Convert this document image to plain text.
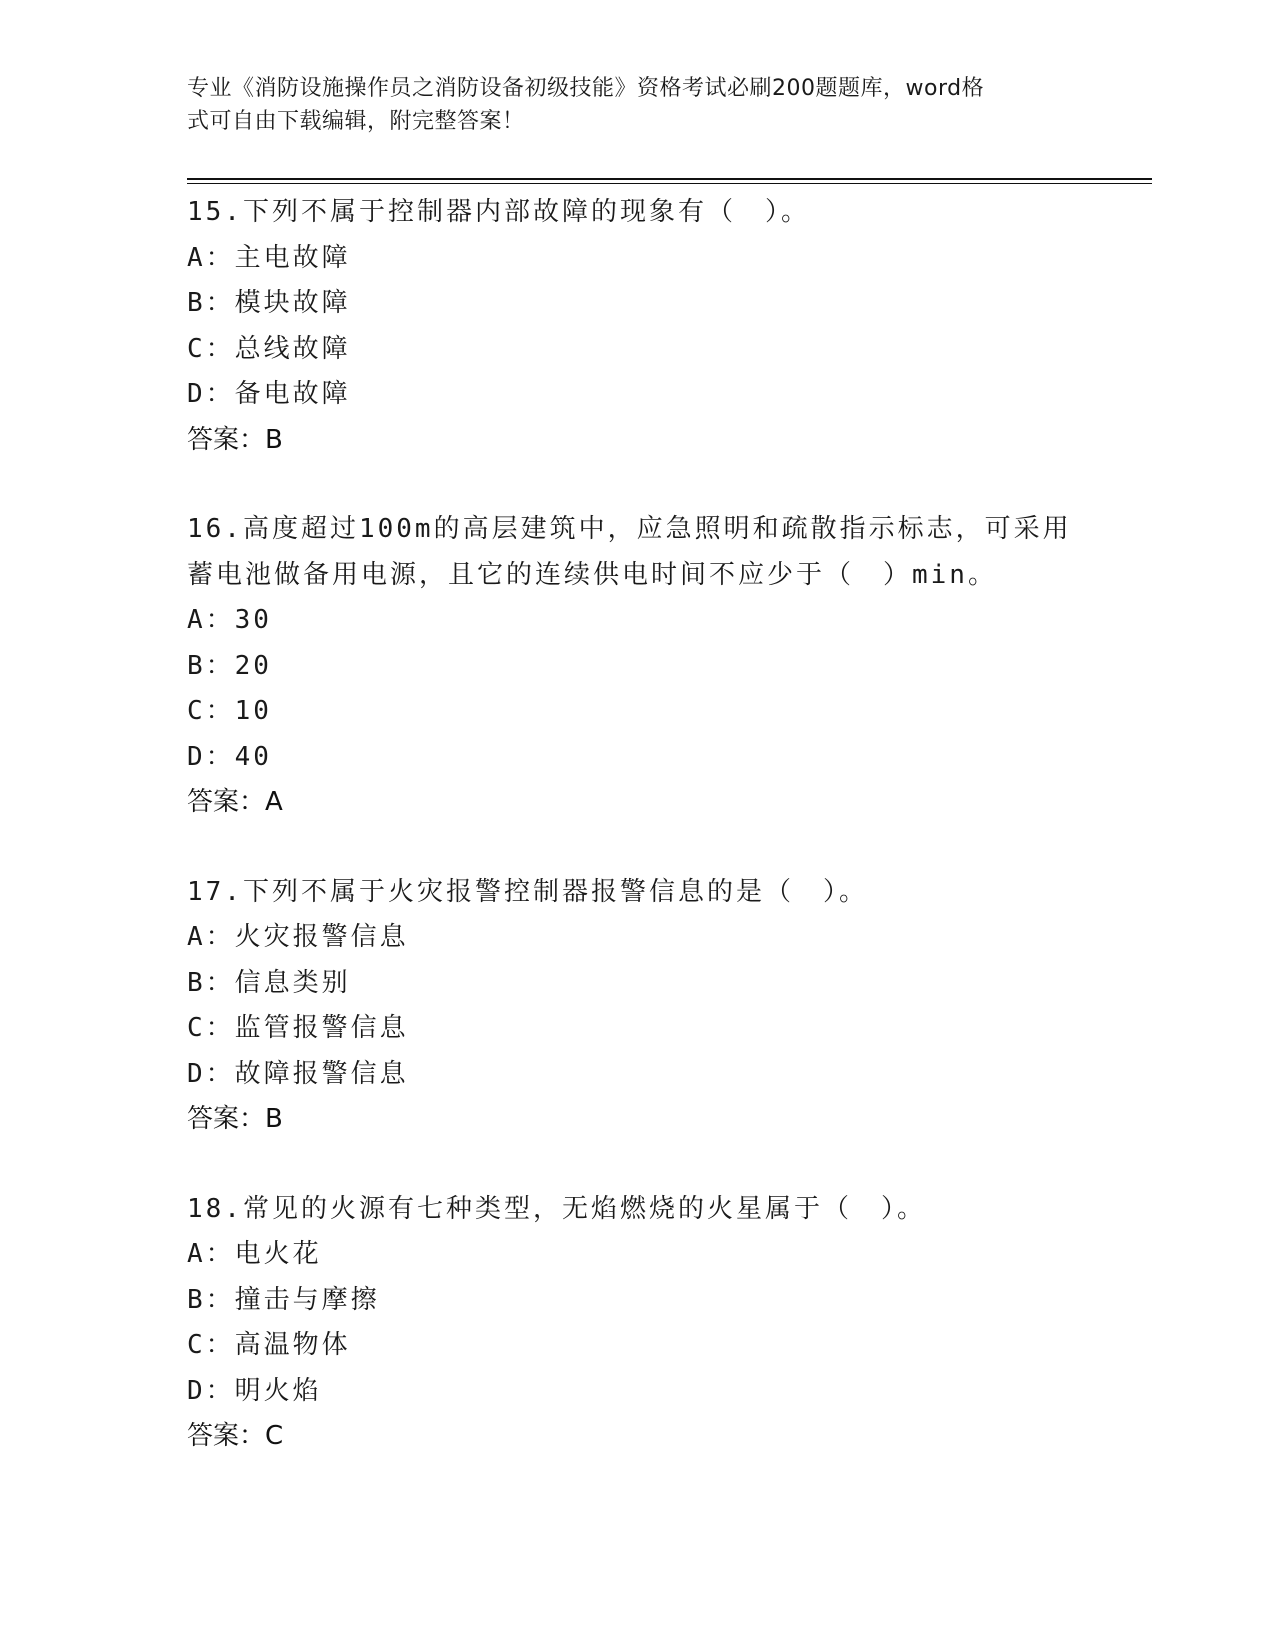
专业《消防设施操作员之消防设备初级技能》资格考试必刷200题题库，word格
式可自由下载编辑，附完整答案！
15.下列不属于控制器内部故障的现象有（　）。
A：主电故障
B：模块故障
C：总线故障
D：备电故障
答案：B
16.高度超过100m的高层建筑中，应急照明和疏散指示标志，可采用
蓄电池做备用电源，且它的连续供电时间不应少于（　）min。
A：30
B：20
C：10
D：40
答案：A
17.下列不属于火灾报警控制器报警信息的是（　）。
A：火灾报警信息
B：信息类别
C：监管报警信息
D：故障报警信息
答案：B
18.常见的火源有七种类型，无焰燃烧的火星属于（　）。
A：电火花
B：撞击与摩擦
C：高温物体
D：明火焰
答案：C
